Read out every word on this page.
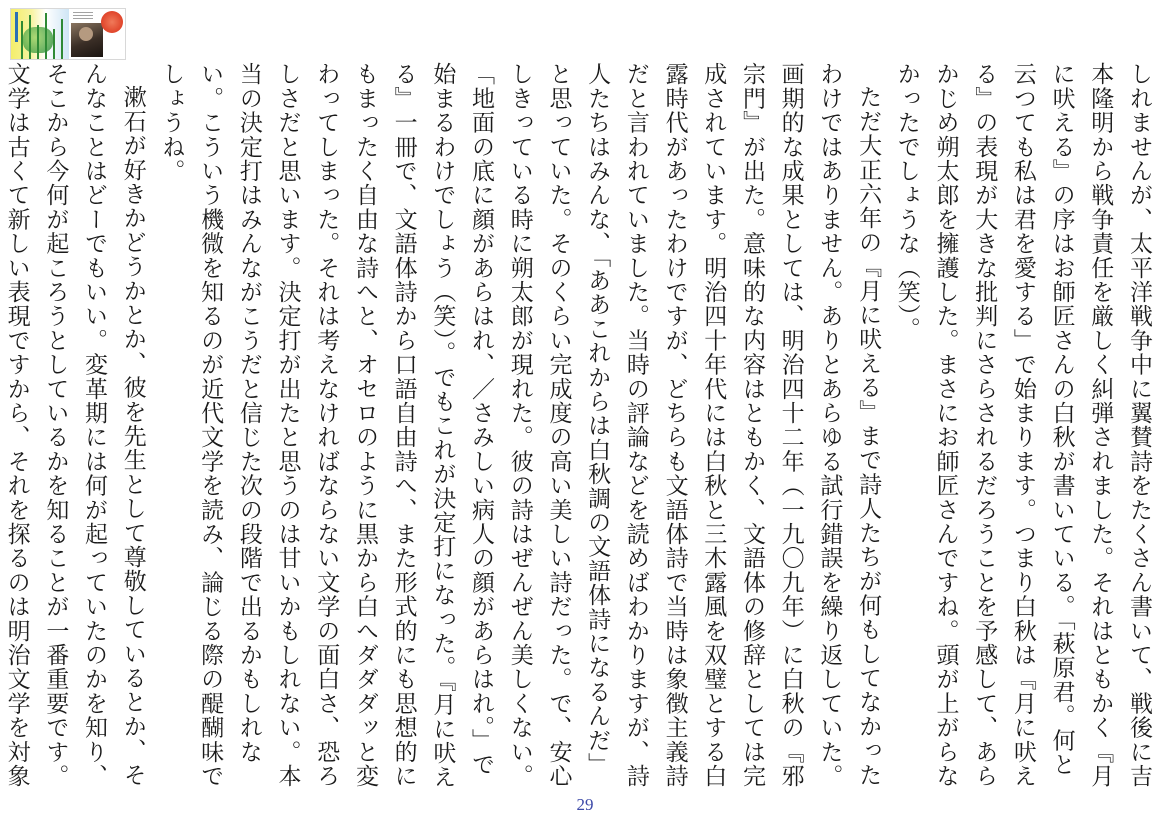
しれませんが、太平洋戦争中に翼賛詩をたくさん書いて、戦後に吉本隆明から戦争責任を厳しく糾弾されました。それはともかく『月に吠える』の序はお師匠さんの白秋が書いている。「萩原君。何と云つても私は君を愛する」で始まります。つまり白秋は『月に吠える』の表現が大きな批判にさらされるだろうことを予感して、あらかじめ朔太郎を擁護した。まさにお師匠さんですね。頭が上がらなかったでしょうな（笑）。

ただ大正六年の『月に吠える』まで詩人たちが何もしてなかったわけではありません。ありとあらゆる試行錯誤を繰り返していた。画期的な成果としては、明治四十二年（一九〇九年）に白秋の『邪宗門』が出た。意味的な内容はともかく、文語体の修辞としては完成されています。明治四十年代には白秋と三木露風を双璧とする白露時代があったわけですが、どちらも文語体詩で当時は象徴主義詩だと言われていました。当時の評論などを読めばわかりますが、詩人たちはみんな、「ああこれからは白秋調の文語体詩になるんだ」と思っていた。そのくらい完成度の高い美しい詩だった。で、安心しきっている時に朔太郎が現れた。彼の詩はぜんぜん美しくない。「地面の底に顔があらはれ、／さみしい病人の顔があらはれ。」で始まるわけでしょう（笑）。でもこれが決定打になった。『月に吠える』一冊で、文語体詩から口語自由詩へ、また形式的にも思想的にもまったく自由な詩へと、オセロのように黒から白へダダダッと変わってしまった。それは考えなければならない文学の面白さ、恐ろしさだと思います。決定打が出たと思うのは甘いかもしれない。本当の決定打はみんながこうだと信じた次の段階で出るかもしれない。こういう機微を知るのが近代文学を読み、論じる際の醍醐味でしょうね。

漱石が好きかどうかとか、彼を先生として尊敬しているとか、そんなことはどーでもいい。変革期には何が起っていたのかを知り、そこから今何が起ころうとしているかを知ることが一番重要です。文学は古くて新しい表現ですから、それを探るのは明治文学を対象

29
